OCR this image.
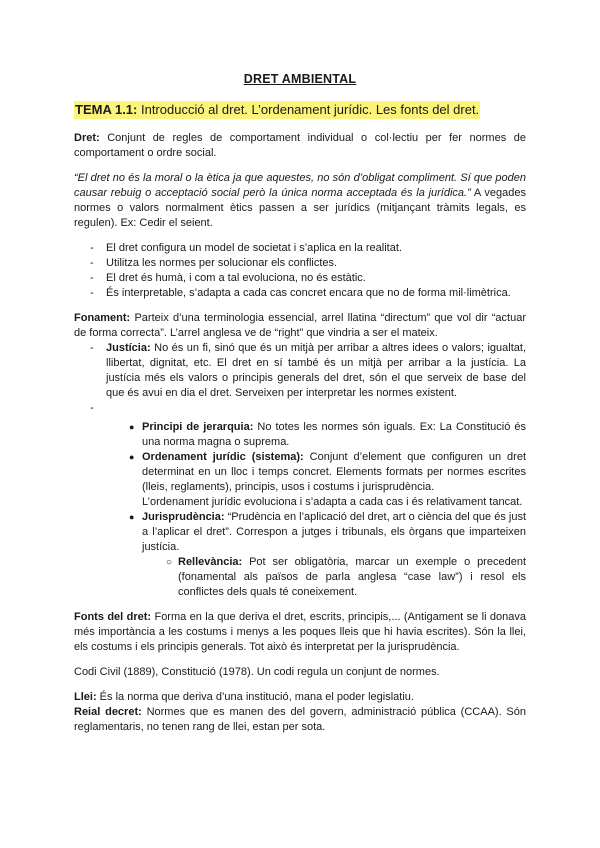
DRET AMBIENTAL
TEMA 1.1: Introducció al dret. L’ordenament jurídic. Les fonts del dret.

Dret: Conjunt de regles de comportament individual o col·lectiu per fer normes de comportament o ordre social.

“El dret no és la moral o la ètica ja que aquestes, no són d’obligat compliment. Sí que poden causar rebuig o acceptació social però la única norma acceptada és la jurídica.” A vegades normes o valors normalment ètics passen a ser jurídics (mitjançant tràmits legals, es regulen). Ex: Cedir el seient.

- El dret configura un model de societat i s’aplica en la realitat.
- Utilitza les normes per solucionar els conflictes.
- El dret és humà, i com a tal evoluciona, no és estàtic.
- És interpretable, s’adapta a cada cas concret encara que no de forma mil·limètrica.

Fonament: Parteix d’una terminologia essencial, arrel llatina “directum” que vol dir “actuar de forma correcta”. L’arrel anglesa ve de “right” que vindria a ser el mateix.

- Justícia: No és un fi, sinó que és un mitjà per arribar a altres idees o valors; igualtat, llibertat, dignitat, etc. El dret en sí també és un mitjà per arribar a la justícia. La justícia més els valors o principis generals del dret, són el que serveix de base del que és avui en dia el dret. Serveixen per interpretar les normes existent.
-

● Principi de jerarquia: No totes les normes són iguals. Ex: La Constitució és una norma magna o suprema.
● Ordenament jurídic (sistema): Conjunt d’element que configuren un dret determinat en un lloc i temps concret. Elements formats per normes escrites (lleis, reglaments), principis, usos i costums i jurisprudència.
L’ordenament jurídic evoluciona i s’adapta a cada cas i és relativament tancat.
● Jurisprudència: “Prudència en l’aplicació del dret, art o ciència del que és just a l’aplicar el dret”. Correspon a jutges i tribunals, els òrgans que imparteixen justícia.
○ Rellevància: Pot ser obligatòria, marcar un exemple o precedent (fonamental als països de parla anglesa “case law”) i resol els conflictes dels quals té coneixement.

Fonts del dret: Forma en la que deriva el dret, escrits, principis,... (Antigament se li donava més importància a les costums i menys a les poques lleis que hi havia escrites). Són la llei, els costums i els principis generals. Tot això és interpretat per la jurisprudència.

Codi Civil (1889), Constitució (1978). Un codi regula un conjunt de normes.

Llei: És la norma que deriva d’una institució, mana el poder legislatiu.

Reial decret: Normes que es manen des del govern, administració pública (CCAA). Són reglamentaris, no tenen rang de llei, estan per sota.
